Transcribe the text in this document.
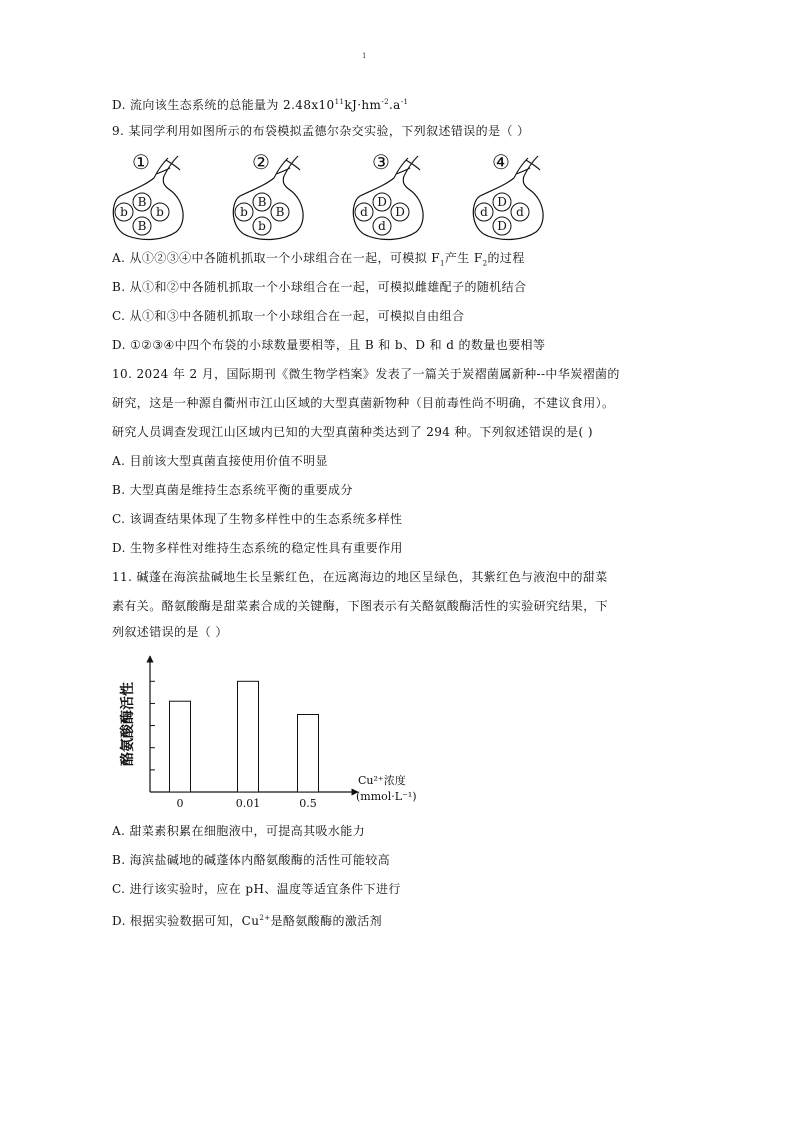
1
D. 流向该生态系统的总能量为 $2.48x10^{11}kJ\cdot hm^{-2}.a^{-1}$
9. 某同学利用如图所示的布袋模拟孟德尔杂交实验，下列叙述错误的是（ ）
①
b
B
b
B
②
b
B
B
b
③
d
D
D
d
④
d
D
d
D
A. 从①②③④中各随机抓取一个小球组合在一起，可模拟 $F_1$产生 $F_2$的过程
B. 从①和②中各随机抓取一个小球组合在一起，可模拟雌雄配子的随机结合
C. 从①和③中各随机抓取一个小球组合在一起，可模拟自由组合
D. ①②③④中四个布袋的小球数量要相等，且 B 和 b、D 和 d 的数量也要相等
10. 2024 年 2 月，国际期刊《微生物学档案》发表了一篇关于炭褶菌属新种--中华炭褶菌的
研究，这是一种源自衢州市江山区域的大型真菌新物种（目前毒性尚不明确，不建议食用）。
研究人员调查发现江山区域内已知的大型真菌种类达到了 294 种。下列叙述错误的是( )
A. 目前该大型真菌直接使用价值不明显
B. 大型真菌是维持生态系统平衡的重要成分
C. 该调查结果体现了生物多样性中的生态系统多样性
D. 生物多样性对维持生态系统的稳定性具有重要作用
11. 碱蓬在海滨盐碱地生长呈紫红色，在远离海边的地区呈绿色，其紫红色与液泡中的甜菜
素有关。酪氨酸酶是甜菜素合成的关键酶，下图表示有关酪氨酸酶活性的实验研究结果，下
列叙述错误的是（ ）
酪氨酸酶活性
0	0.01	0.5
Cu²⁺浓度
(mmol·L⁻¹)
A. 甜菜素积累在细胞液中，可提高其吸水能力
B. 海滨盐碱地的碱蓬体内酪氨酸酶的活性可能较高
C. 进行该实验时，应在 pH、温度等适宜条件下进行
D. 根据实验数据可知，$Cu^{2+}$是酪氨酸酶的激活剂
